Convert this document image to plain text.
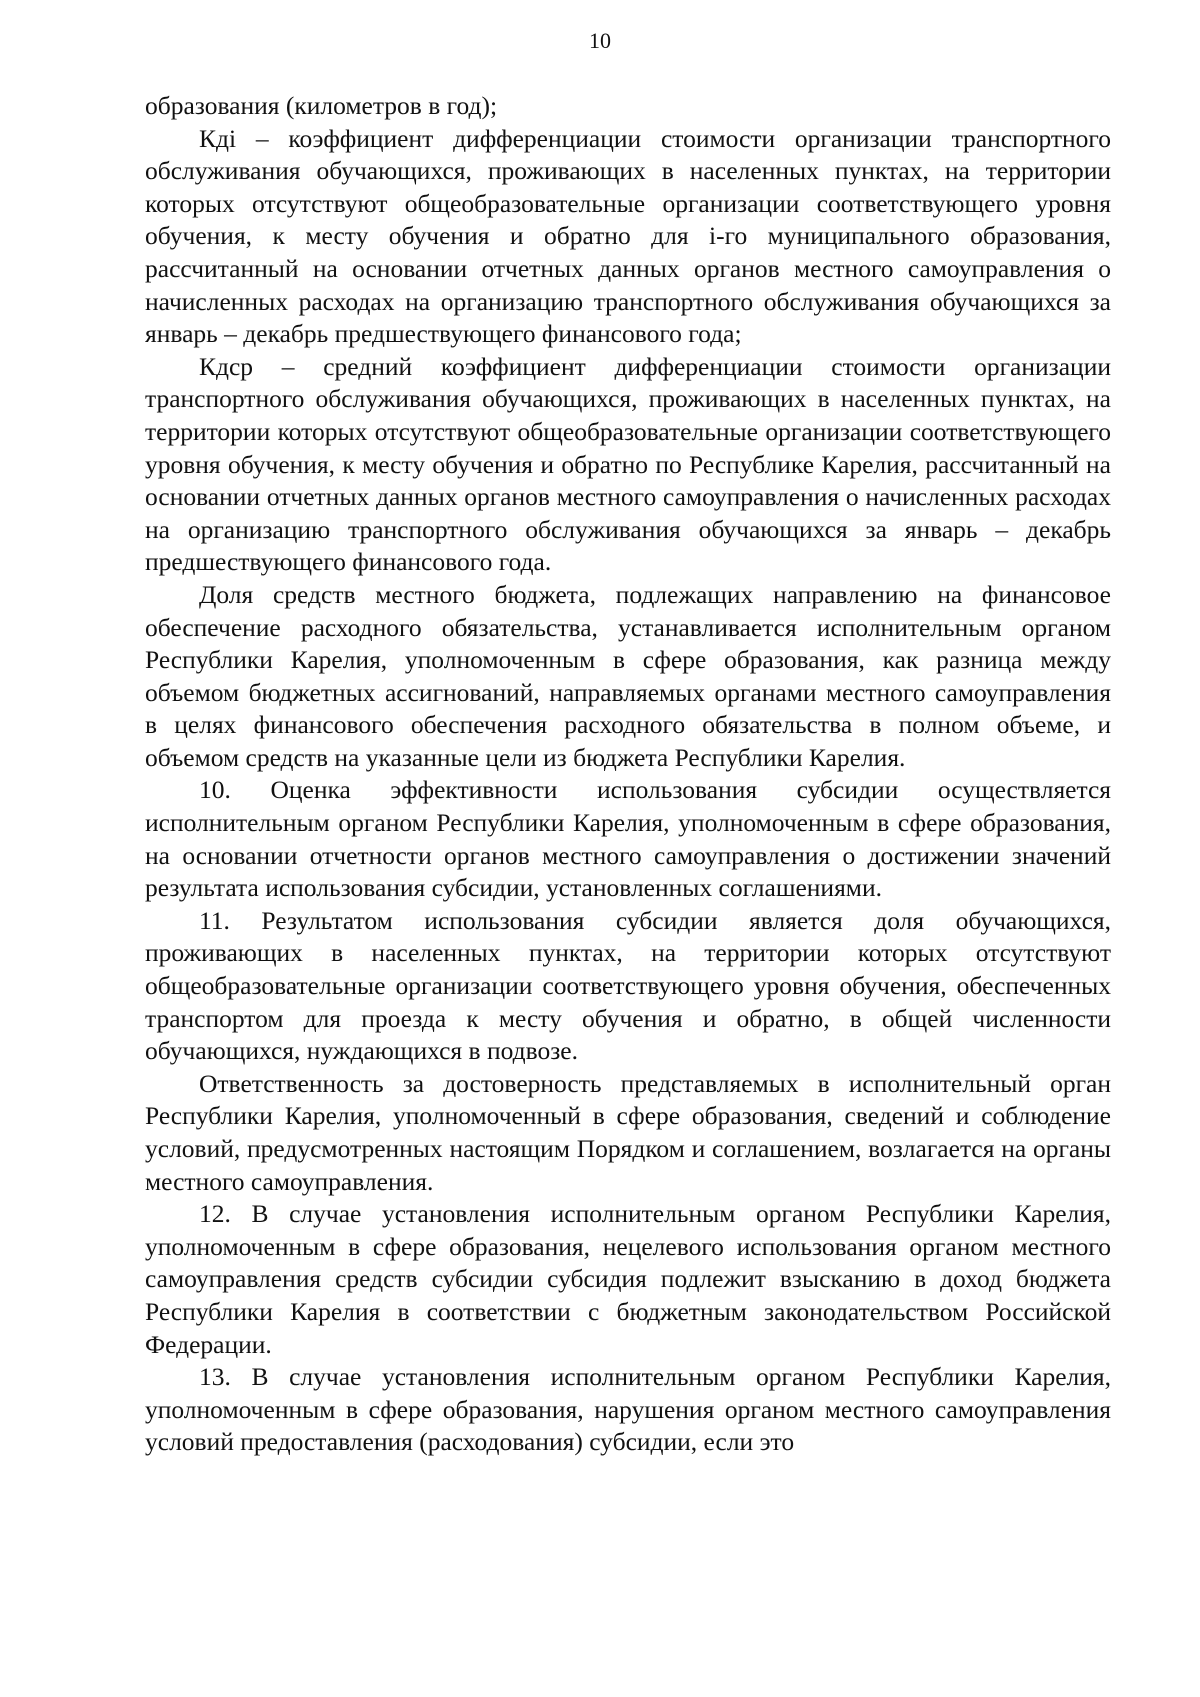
10

образования (километров в год);

Кдi – коэффициент дифференциации стоимости организации транспортного обслуживания обучающихся, проживающих в населенных пунктах, на территории которых отсутствуют общеобразовательные организации соответствующего уровня обучения, к месту обучения и обратно для i-го муниципального образования, рассчитанный на основании отчетных данных органов местного самоуправления о начисленных расходах на организацию транспортного обслуживания обучающихся за январь – декабрь предшествующего финансового года;

Кдср – средний коэффициент дифференциации стоимости организации транспортного обслуживания обучающихся, проживающих в населенных пунктах, на территории которых отсутствуют общеобразовательные организации соответствующего уровня обучения, к месту обучения и обратно по Республике Карелия, рассчитанный на основании отчетных данных органов местного самоуправления о начисленных расходах на организацию транспортного обслуживания обучающихся за январь – декабрь предшествующего финансового года.

Доля средств местного бюджета, подлежащих направлению на финансовое обеспечение расходного обязательства, устанавливается исполнительным органом Республики Карелия, уполномоченным в сфере образования, как разница между объемом бюджетных ассигнований, направляемых органами местного самоуправления в целях финансового обеспечения расходного обязательства в полном объеме, и объемом средств на указанные цели из бюджета Республики Карелия.

10. Оценка эффективности использования субсидии осуществляется исполнительным органом Республики Карелия, уполномоченным в сфере образования, на основании отчетности органов местного самоуправления о достижении значений результата использования субсидии, установленных соглашениями.

11. Результатом использования субсидии является доля обучающихся, проживающих в населенных пунктах, на территории которых отсутствуют общеобразовательные организации соответствующего уровня обучения, обеспеченных транспортом для проезда к месту обучения и обратно, в общей численности обучающихся, нуждающихся в подвозе.

Ответственность за достоверность представляемых в исполнительный орган Республики Карелия, уполномоченный в сфере образования, сведений и соблюдение условий, предусмотренных настоящим Порядком и соглашением, возлагается на органы местного самоуправления.

12. В случае установления исполнительным органом Республики Карелия, уполномоченным в сфере образования, нецелевого использования органом местного самоуправления средств субсидии субсидия подлежит взысканию в доход бюджета Республики Карелия в соответствии с бюджетным законодательством Российской Федерации.

13. В случае установления исполнительным органом Республики Карелия, уполномоченным в сфере образования, нарушения органом местного самоуправления условий предоставления (расходования) субсидии, если это
